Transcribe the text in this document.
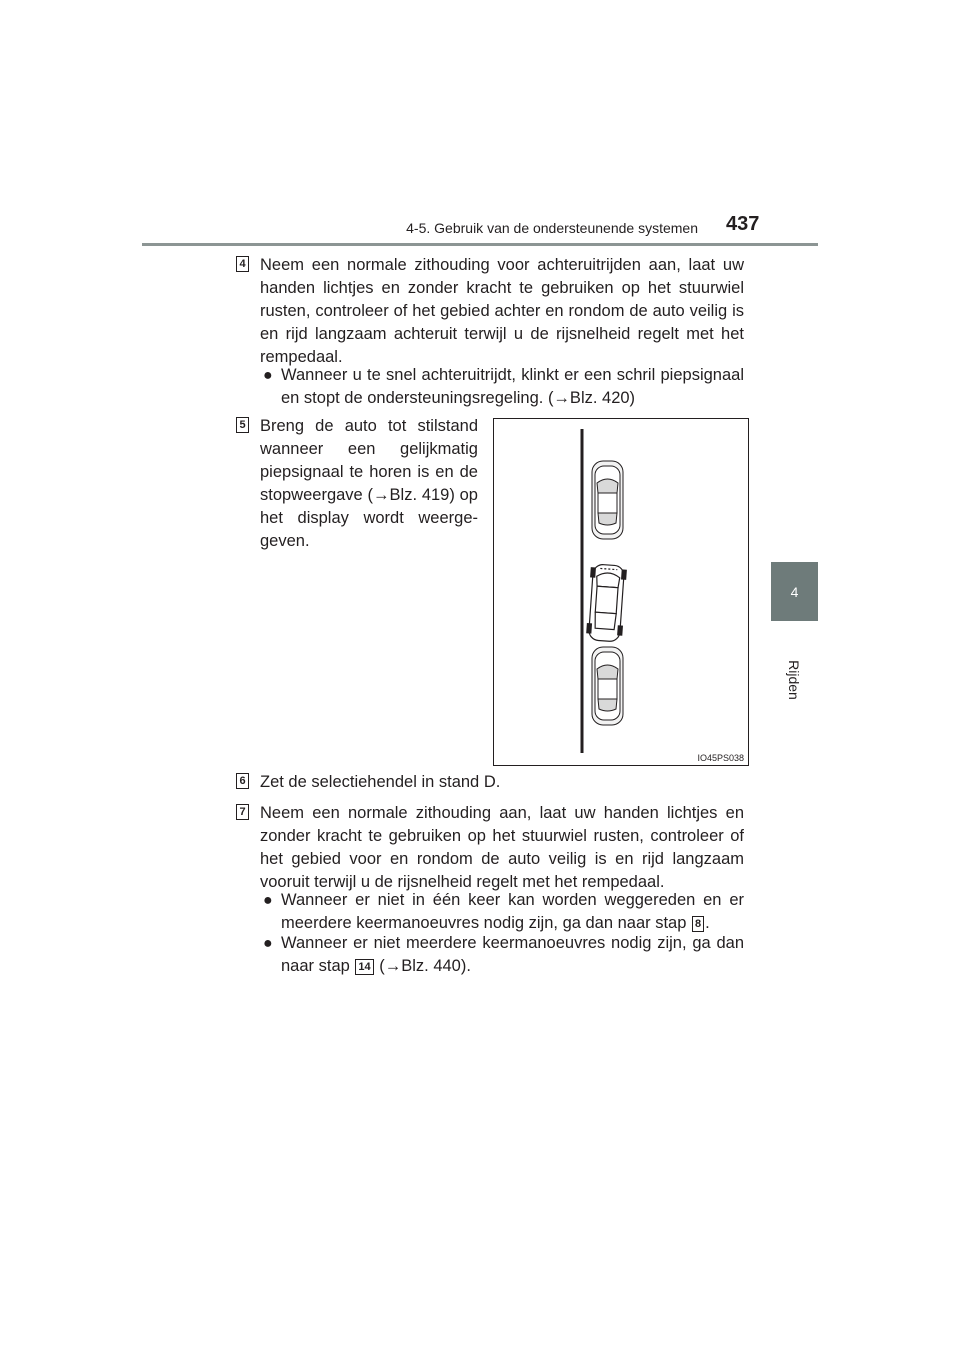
4-5. Gebruik van de ondersteunende systemen 437
4
Rijden
4 Neem een normale zithouding voor achteruitrijden aan, laat uw handen lichtjes en zonder kracht te gebruiken op het stuurwiel rusten, controleer of het gebied achter en rondom de auto veilig is en rijd langzaam achteruit terwijl u de rijsnelheid regelt met het rempedaal.

● Wanneer u te snel achteruitrijdt, klinkt er een schril piepsignaal en stopt de ondersteuningsregeling. (→Blz. 420)
5 Breng de auto tot stilstand wanneer een gelijkmatig piepsignaal te horen is en de stopweergave (→Blz. 419) op het display wordt weerge-geven.

IO45PS038
6 Zet de selectiehendel in stand D.

7 Neem een normale zithouding aan, laat uw handen lichtjes en zonder kracht te gebruiken op het stuurwiel rusten, controleer of het gebied voor en rondom de auto veilig is en rijd langzaam vooruit terwijl u de rijsnelheid regelt met het rempedaal.

● Wanneer er niet in één keer kan worden weggereden en er meerdere keermanoeuvres nodig zijn, ga dan naar stap 8 .
● Wanneer er niet meerdere keermanoeuvres nodig zijn, ga dan naar stap 14 (→Blz. 440).
